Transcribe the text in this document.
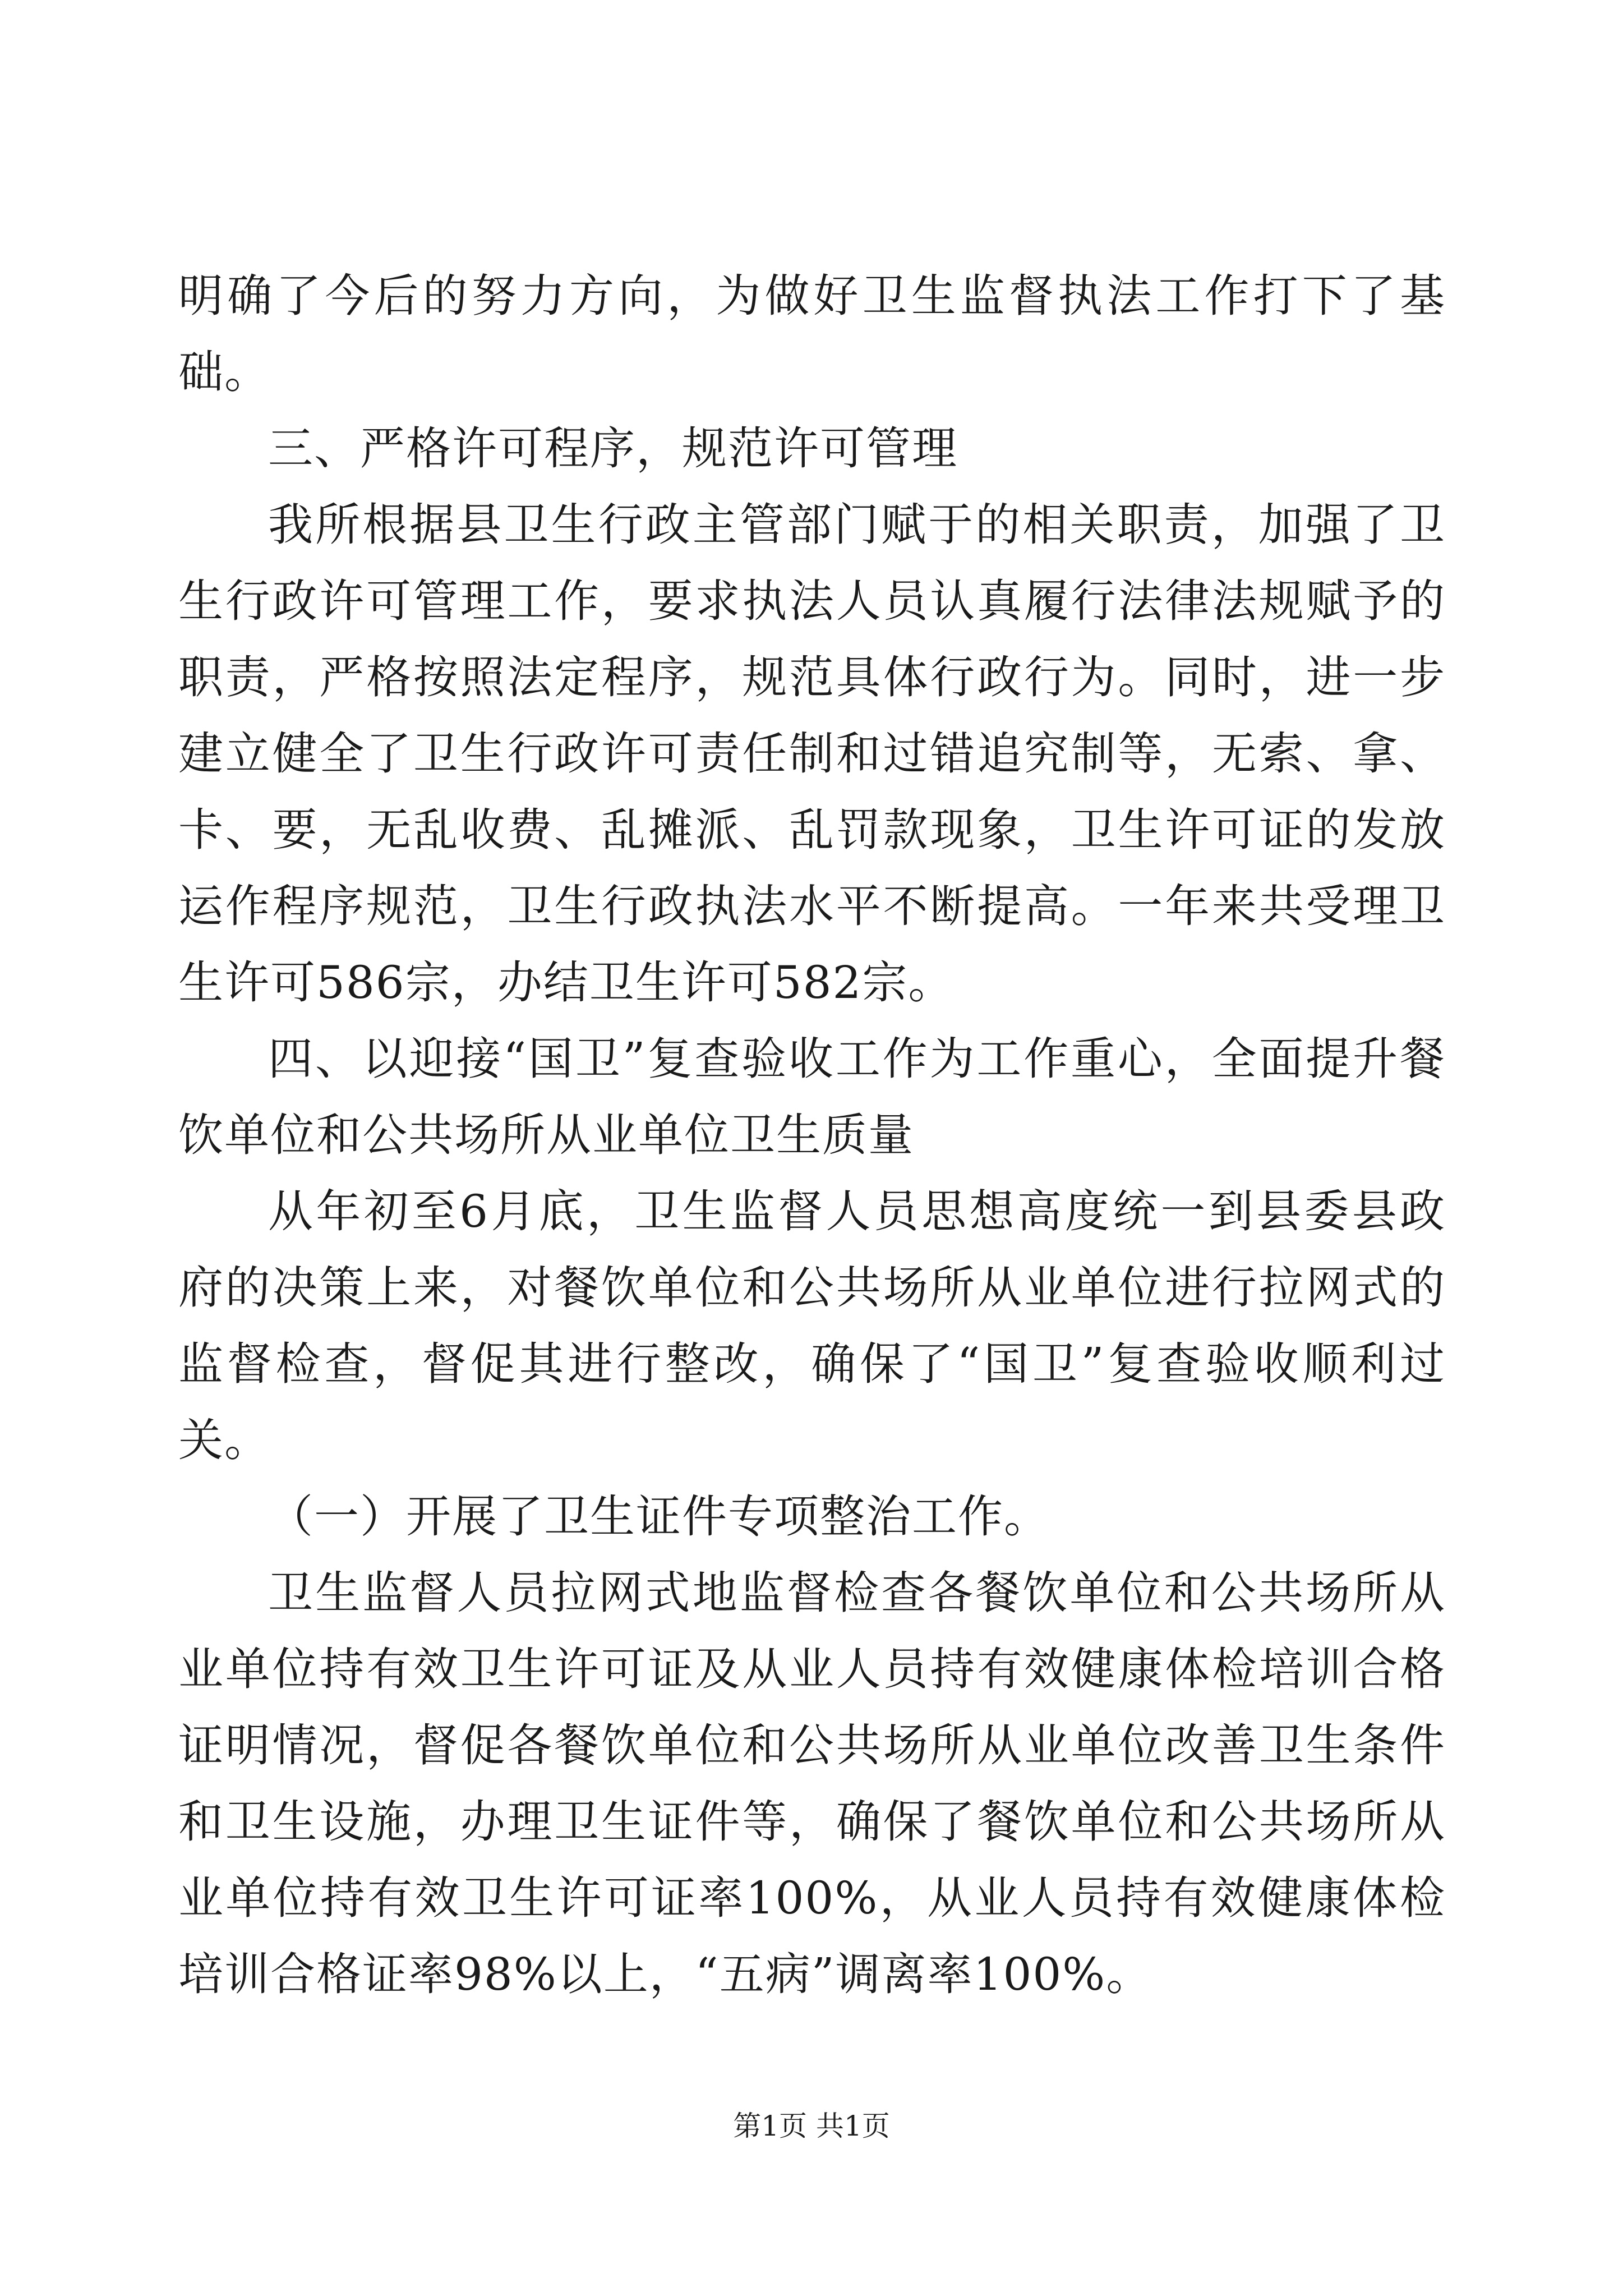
明确了今后的努力方向，为做好卫生监督执法工作打下了基础。

三、严格许可程序，规范许可管理

我所根据县卫生行政主管部门赋于的相关职责，加强了卫生行政许可管理工作，要求执法人员认真履行法律法规赋予的职责，严格按照法定程序，规范具体行政行为。同时，进一步建立健全了卫生行政许可责任制和过错追究制等，无索、拿、卡、要，无乱收费、乱摊派、乱罚款现象，卫生许可证的发放运作程序规范，卫生行政执法水平不断提高。一年来共受理卫生许可586宗，办结卫生许可582宗。

四、以迎接“国卫”复查验收工作为工作重心，全面提升餐饮单位和公共场所从业单位卫生质量

从年初至6月底，卫生监督人员思想高度统一到县委县政府的决策上来，对餐饮单位和公共场所从业单位进行拉网式的监督检查，督促其进行整改，确保了“国卫”复查验收顺利过关。

（一）开展了卫生证件专项整治工作。

卫生监督人员拉网式地监督检查各餐饮单位和公共场所从业单位持有效卫生许可证及从业人员持有效健康体检培训合格证明情况，督促各餐饮单位和公共场所从业单位改善卫生条件和卫生设施，办理卫生证件等，确保了餐饮单位和公共场所从业单位持有效卫生许可证率100%，从业人员持有效健康体检培训合格证率98%以上，“五病”调离率100%。

第1页 共1页
